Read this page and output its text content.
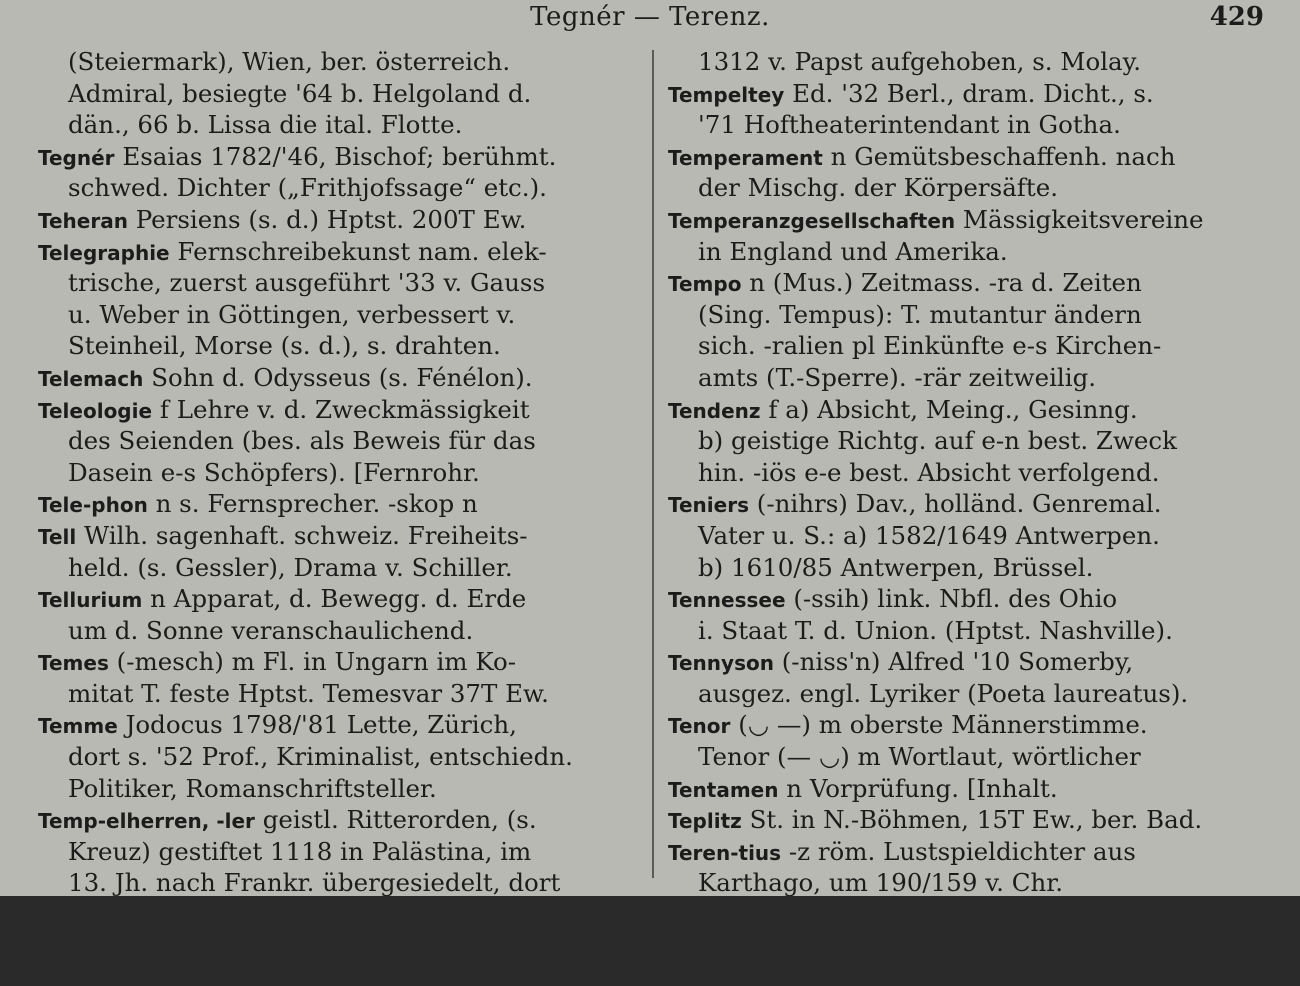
Tegnér — Terenz.	429
(Steiermark), Wien, ber. österreich.
Admiral, besiegte '64 b. Helgoland d.
dän., 66 b. Lissa die ital. Flotte.
Tegnér Esaias 1782/'46, Bischof; berühmt.
schwed. Dichter („Frithjofssage“ etc.).
Teheran Persiens (s. d.) Hptst. 200T Ew.
Telegraphie Fernschreibekunst nam. elek-
trische, zuerst ausgeführt '33 v. Gauss
u. Weber in Göttingen, verbessert v.
Steinheil, Morse (s. d.), s. drahten.
Telemach Sohn d. Odysseus (s. Fénélon).
Teleologie f Lehre v. d. Zweckmässigkeit
des Seienden (bes. als Beweis für das
Dasein e-s Schöpfers). [Fernrohr.
Tele-phon n s. Fernsprecher. -skop n
Tell Wilh. sagenhaft. schweiz. Freiheits-
held. (s. Gessler), Drama v. Schiller.
Tellurium n Apparat, d. Bewegg. d. Erde
um d. Sonne veranschaulichend.
Temes (-mesch) m Fl. in Ungarn im Ko-
mitat T. feste Hptst. Temesvar 37T Ew.
Temme Jodocus 1798/'81 Lette, Zürich,
dort s. '52 Prof., Kriminalist, entschiedn.
Politiker, Romanschriftsteller.
Temp-elherren, -ler geistl. Ritterorden, (s.
Kreuz) gestiftet 1118 in Palästina, im
13. Jh. nach Frankr. übergesiedelt, dort
1312 v. Papst aufgehoben, s. Molay.
Tempeltey Ed. '32 Berl., dram. Dicht., s.
'71 Hoftheaterintendant in Gotha.
Temperament n Gemütsbeschaffenh. nach
der Mischg. der Körpersäfte.
Temperanzgesellschaften Mässigkeitsvereine
in England und Amerika.
Tempo n (Mus.) Zeitmass. -ra d. Zeiten
(Sing. Tempus): T. mutantur ändern
sich. -ralien pl Einkünfte e-s Kirchen-
amts (T.-Sperre). -rär zeitweilig.
Tendenz f a) Absicht, Meing., Gesinng.
b) geistige Richtg. auf e-n best. Zweck
hin. -iös e-e best. Absicht verfolgend.
Teniers (-nihrs) Dav., holländ. Genremal.
Vater u. S.: a) 1582/1649 Antwerpen.
b) 1610/85 Antwerpen, Brüssel.
Tennessee (-ssih) link. Nbfl. des Ohio
i. Staat T. d. Union. (Hptst. Nashville).
Tennyson (-niss'n) Alfred '10 Somerby,
ausgez. engl. Lyriker (Poeta laureatus).
Tenor (◡ —) m oberste Männerstimme.
Tenor (— ◡) m Wortlaut, wörtlicher
Tentamen n Vorprüfung. [Inhalt.
Teplitz St. in N.-Böhmen, 15T Ew., ber. Bad.
Teren-tius -z röm. Lustspieldichter aus
Karthago, um 190/159 v. Chr.
